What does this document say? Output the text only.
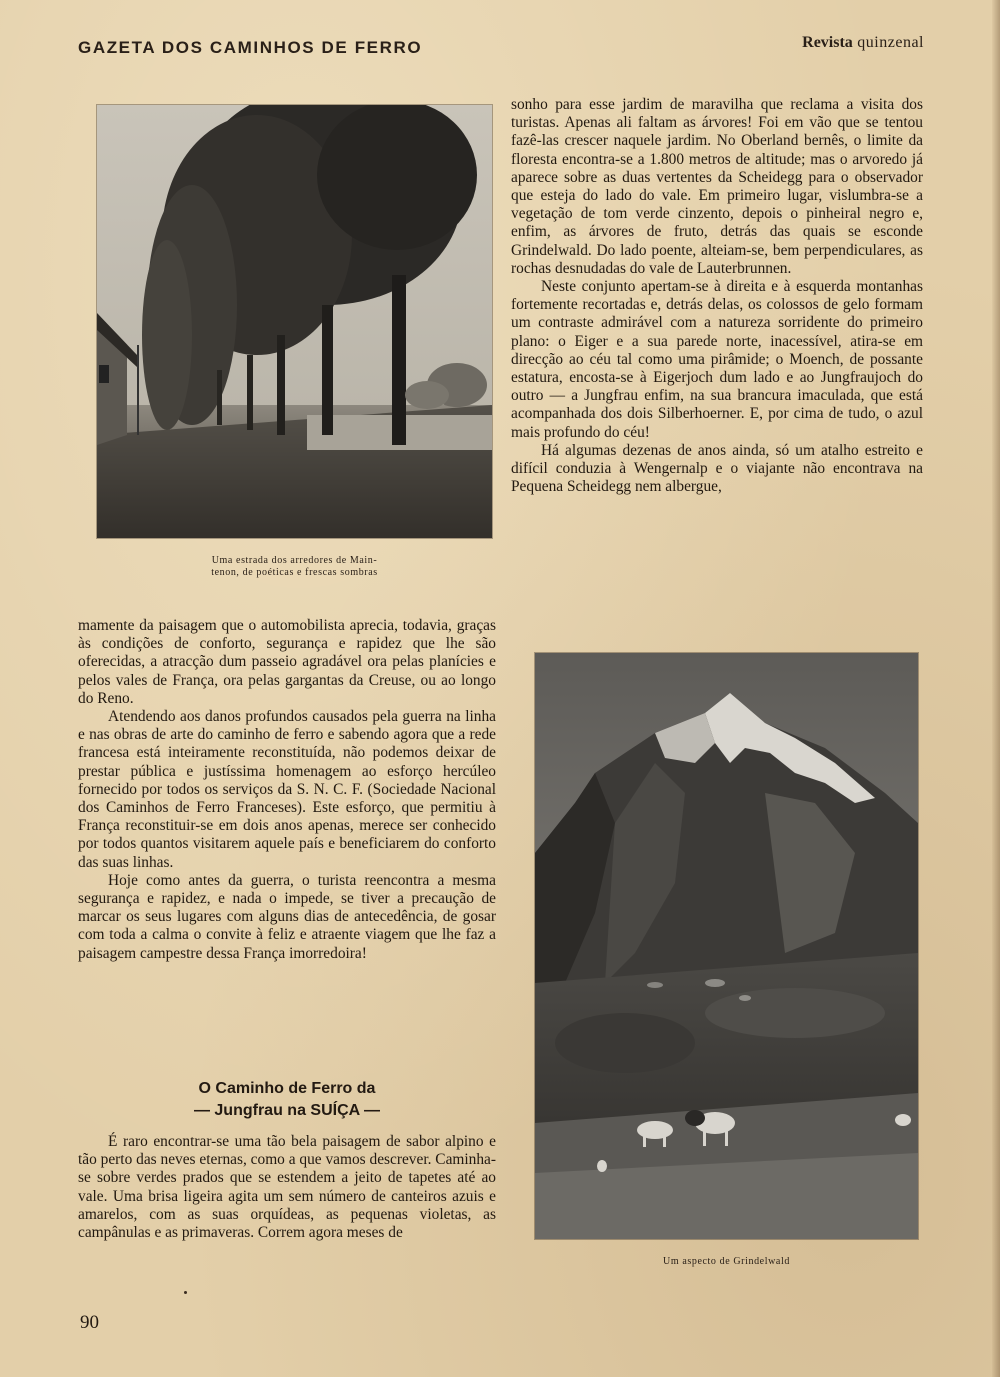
GAZETA DOS CAMINHOS DE FERRO	Revista quinzenal
Uma estrada dos arredores de Main-
tenon, de poéticas e frescas sombras

sonho para esse jardim de maravilha que reclama a visita dos turistas. Apenas ali faltam as árvores! Foi em vão que se tentou fazê-las crescer naquele jardim. No Oberland bernês, o limite da floresta encontra-se a 1.800 metros de altitude; mas o arvoredo já aparece sobre as duas vertentes da Scheidegg para o observador que esteja do lado do vale. Em primeiro lugar, vislumbra-se a vegetação de tom verde cinzento, depois o pinheiral negro e, enfim, as árvores de fruto, detrás das quais se esconde Grindelwald. Do lado poente, alteiam-se, bem perpendiculares, as rochas desnudadas do vale de Lauterbrunnen.

Neste conjunto apertam-se à direita e à esquerda montanhas fortemente recortadas e, detrás delas, os colossos de gelo formam um contraste admirável com a natureza sorridente do primeiro plano: o Eiger e a sua parede norte, inacessível, atira-se em direcção ao céu tal como uma pirâmide; o Moench, de possante estatura, encosta-se à Eigerjoch dum lado e ao Jungfraujoch do outro — a Jungfrau enfim, na sua brancura imaculada, que está acompanhada dos dois Silberhoerner. E, por cima de tudo, o azul mais profundo do céu!

Há algumas dezenas de anos ainda, só um atalho estreito e difícil conduzia à Wengernalp e o viajante não encontrava na Pequena Scheidegg nem albergue,

mamente da paisagem que o automobilista aprecia, todavia, graças às condições de conforto, segurança e rapidez que lhe são oferecidas, a atracção dum passeio agradável ora pelas planícies e pelos vales de França, ora pelas gargantas da Creuse, ou ao longo do Reno.

Atendendo aos danos profundos causados pela guerra na linha e nas obras de arte do caminho de ferro e sabendo agora que a rede francesa está inteiramente reconstituída, não podemos deixar de prestar pública e justíssima homenagem ao esforço hercúleo fornecido por todos os serviços da S. N. C. F. (Sociedade Nacional dos Caminhos de Ferro Franceses). Este esforço, que permitiu à França reconstituir-se em dois anos apenas, merece ser conhecido por todos quantos visitarem aquele país e beneficiarem do conforto das suas linhas.

Hoje como antes da guerra, o turista reencontra a mesma segurança e rapidez, e nada o impede, se tiver a precaução de marcar os seus lugares com alguns dias de antecedência, de gosar com toda a calma o convite à feliz e atraente viagem que lhe faz a paisagem campestre dessa França imorredoira!

O Caminho de Ferro da
— Jungfrau na SUÍÇA —

É raro encontrar-se uma tão bela paisagem de sabor alpino e tão perto das neves eternas, como a que vamos descrever. Caminha-se sobre verdes prados que se estendem a jeito de tapetes até ao vale. Uma brisa ligeira agita um sem número de canteiros azuis e amarelos, com as suas orquídeas, as pequenas violetas, as campânulas e as primaveras. Correm agora meses de

Um aspecto de Grindelwald
90
